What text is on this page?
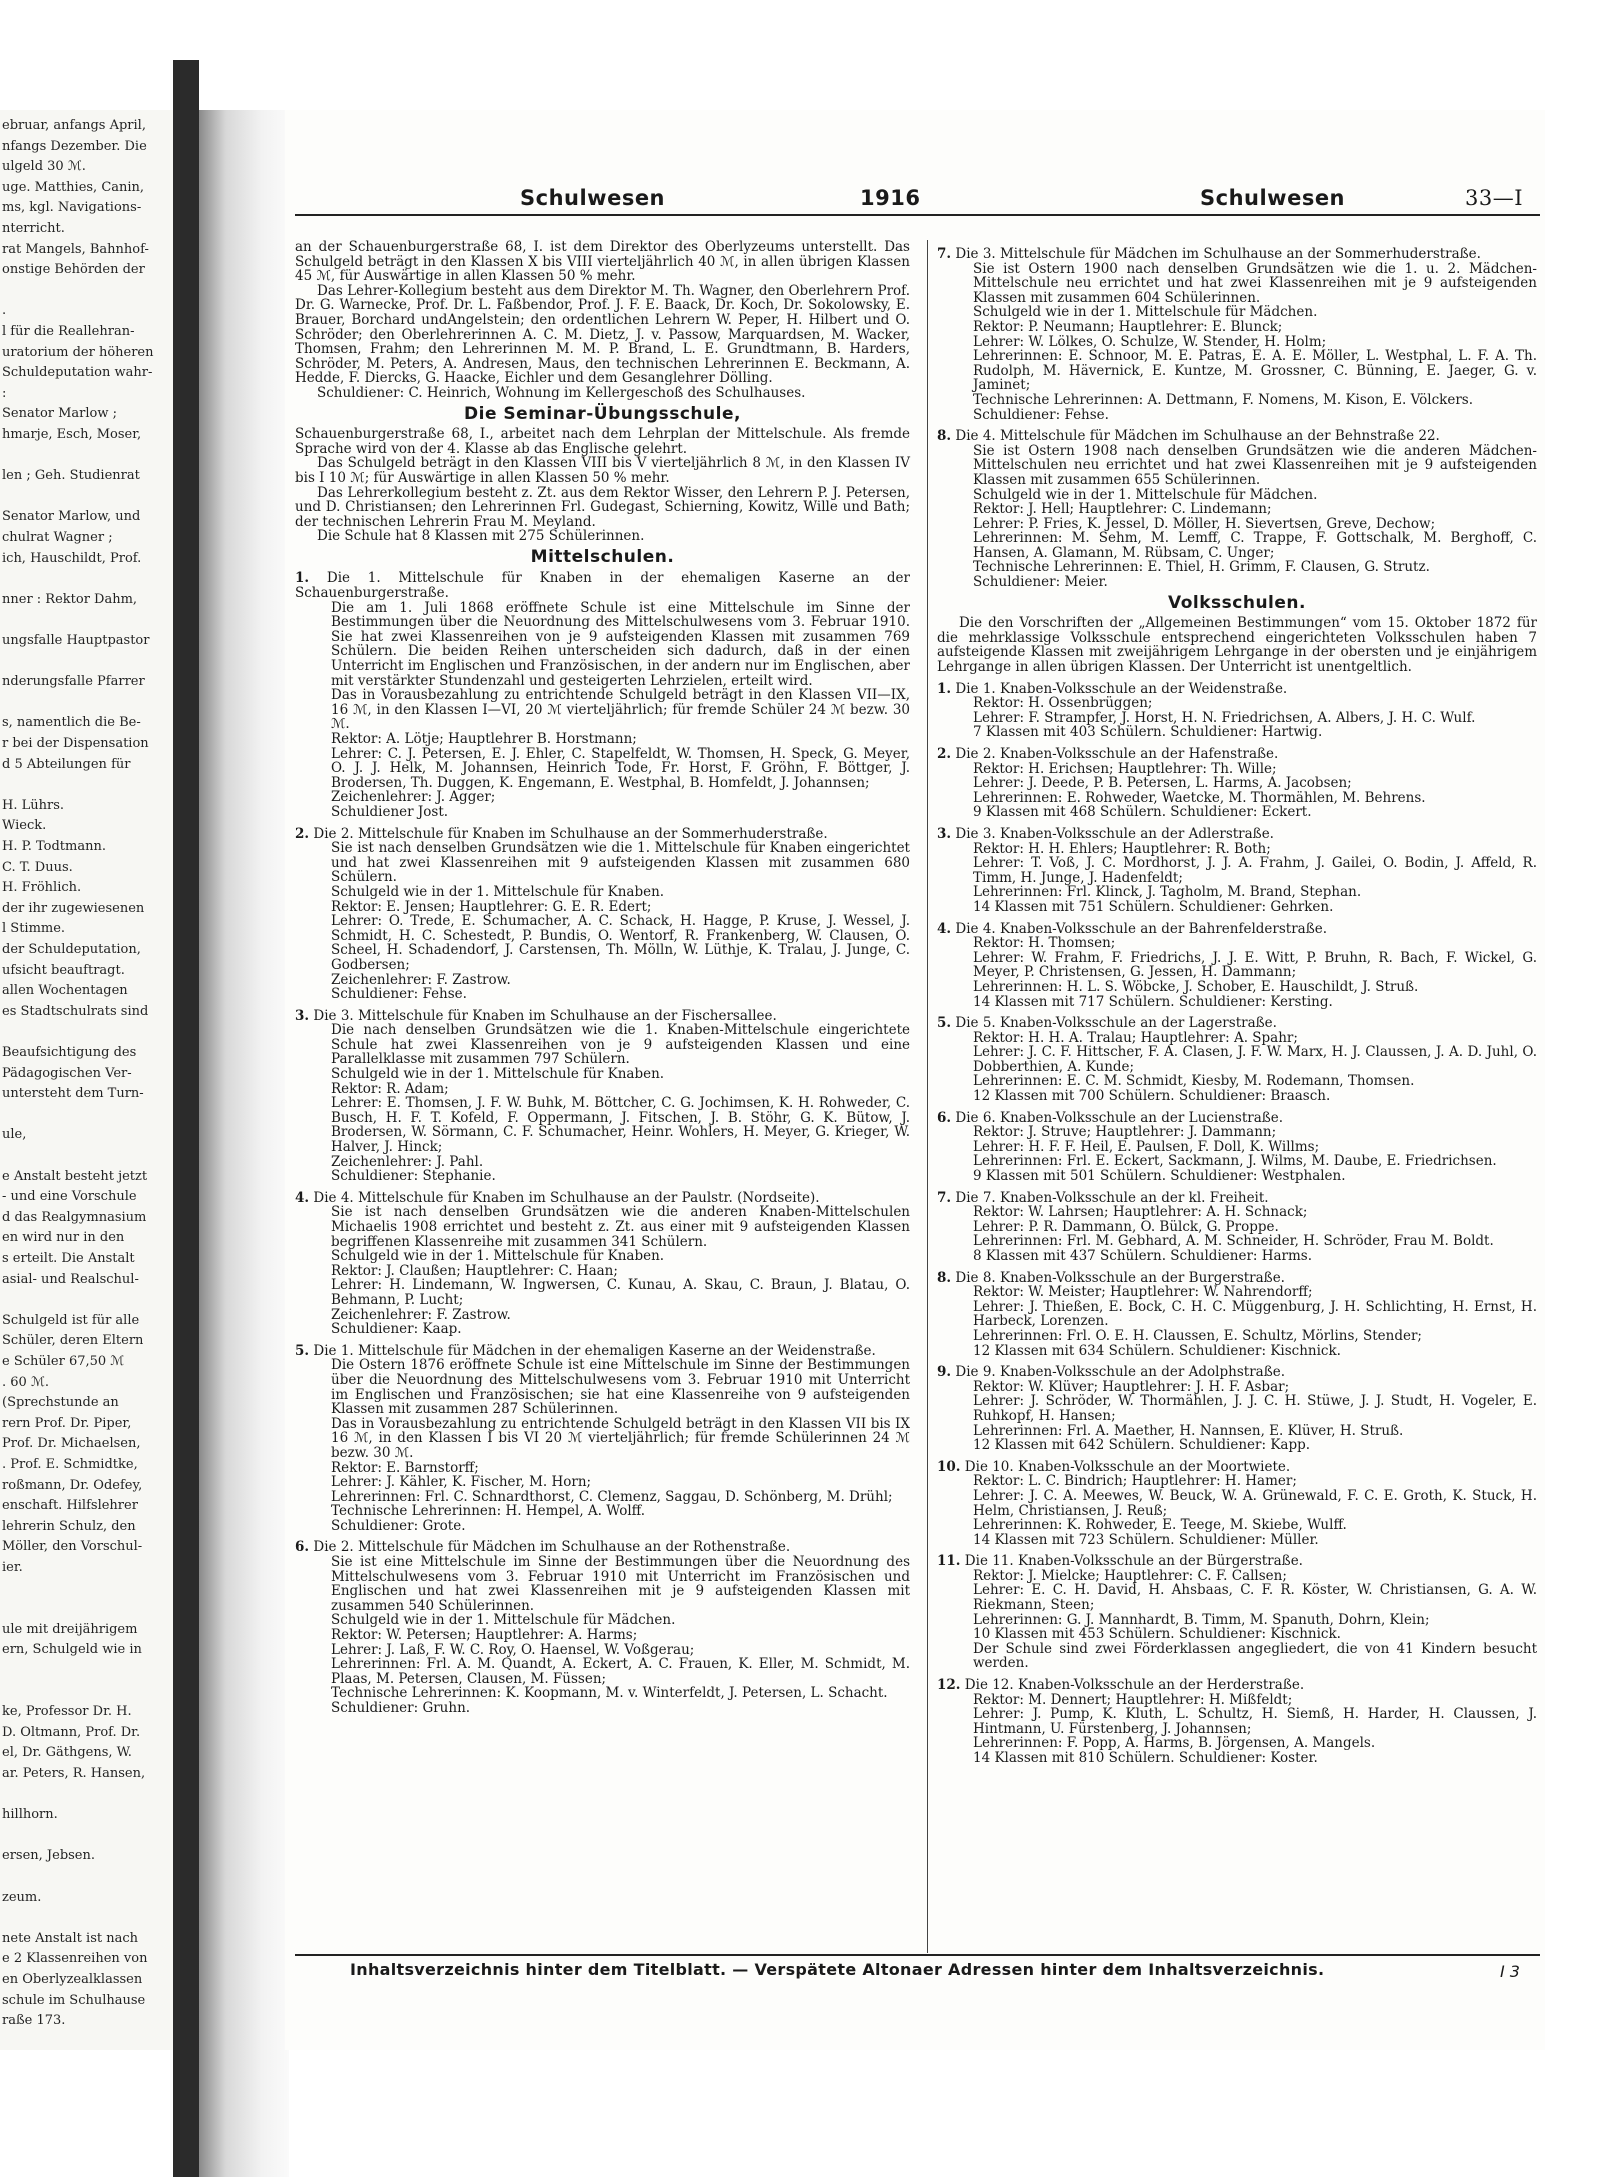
ebruar, anfangs April,
nfangs Dezember. Die
ulgeld 30 ℳ.
uge. Matthies, Canin,
ms, kgl. Navigations-
nterricht.
rat Mangels, Bahnhof-
onstige Behörden der
.
l für die Reallehran-
uratorium der höheren
Schuldeputation wahr-
:
Senator Marlow ;
hmarje, Esch, Moser,
len ; Geh. Studienrat
Senator Marlow, und
chulrat Wagner ;
ich, Hauschildt, Prof.
nner : Rektor Dahm,
ungsfalle Hauptpastor
nderungsfalle Pfarrer
s, namentlich die Be-
r bei der Dispensation
d 5 Abteilungen für
H. Lührs.
Wieck.
H. P. Todtmann.
C. T. Duus.
H. Fröhlich.
der ihr zugewiesenen
l Stimme.
der Schuldeputation,
ufsicht beauftragt.
allen Wochentagen
es Stadtschulrats sind
Beaufsichtigung des
Pädagogischen Ver-
untersteht dem Turn-
ule,
e Anstalt besteht jetzt
- und eine Vorschule
d das Realgymnasium
en wird nur in den
s erteilt. Die Anstalt
asial- und Realschul-
Schulgeld ist für alle
Schüler, deren Eltern
e Schüler 67,50 ℳ
. 60 ℳ.
(Sprechstunde an
rern Prof. Dr. Piper,
Prof. Dr. Michaelsen,
. Prof. E. Schmidtke,
roßmann, Dr. Odefey,
enschaft. Hilfslehrer
lehrerin Schulz, den
Möller, den Vorschul-
ier.
ule mit dreijährigem
ern, Schulgeld wie in
ke, Professor Dr. H.
D. Oltmann, Prof. Dr.
el, Dr. Gäthgens, W.
ar. Peters, R. Hansen,
hillhorn.
ersen, Jebsen.
zeum.
nete Anstalt ist nach
e 2 Klassenreihen von
en Oberlyzealklassen
schule im Schulhause
raße 173.
Schulwesen	1916	Schulwesen	33—I

an der Schauenburgerstraße 68, I. ist dem Direktor des Oberlyzeums unterstellt. Das Schulgeld beträgt in den Klassen X bis VIII vierteljährlich 40 ℳ, in allen übrigen Klassen 45 ℳ, für Auswärtige in allen Klassen 50 % mehr.

Das Lehrer-Kollegium besteht aus dem Direktor M. Th. Wagner, den Oberlehrern Prof. Dr. G. Warnecke, Prof. Dr. L. Faßbendor, Prof. J. F. E. Baack, Dr. Koch, Dr. Sokolowsky, E. Brauer, Borchard undAngelstein; den ordentlichen Lehrern W. Peper, H. Hilbert und O. Schröder; den Oberlehrerinnen A. C. M. Dietz, J. v. Passow, Marquardsen, M. Wacker, Thomsen, Frahm; den Lehrerinnen M. M. P. Brand, L. E. Grundtmann, B. Harders, Schröder, M. Peters, A. Andresen, Maus, den technischen Lehrerinnen E. Beckmann, A. Hedde, F. Diercks, G. Haacke, Eichler und dem Gesanglehrer Dölling.

Schuldiener: C. Heinrich, Wohnung im Kellergeschoß des Schulhauses.

Die Seminar-Übungsschule,

Schauenburgerstraße 68, I., arbeitet nach dem Lehrplan der Mittelschule. Als fremde Sprache wird von der 4. Klasse ab das Englische gelehrt.

Das Schulgeld beträgt in den Klassen VIII bis V vierteljährlich 8 ℳ, in den Klassen IV bis I 10 ℳ; für Auswärtige in allen Klassen 50 % mehr.

Das Lehrerkollegium besteht z. Zt. aus dem Rektor Wisser, den Lehrern P. J. Petersen, und D. Christiansen; den Lehrerinnen Frl. Gudegast, Schierning, Kowitz, Wille und Bath; der technischen Lehrerin Frau M. Meyland.

Die Schule hat 8 Klassen mit 275 Schülerinnen.

Mittelschulen.

1. Die 1. Mittelschule für Knaben in der ehemaligen Kaserne an der Schauenburgerstraße.

Die am 1. Juli 1868 eröffnete Schule ist eine Mittelschule im Sinne der Bestimmungen über die Neuordnung des Mittelschulwesens vom 3. Februar 1910. Sie hat zwei Klassenreihen von je 9 aufsteigenden Klassen mit zusammen 769 Schülern. Die beiden Reihen unterscheiden sich dadurch, daß in der einen Unterricht im Englischen und Französischen, in der andern nur im Englischen, aber mit verstärkter Stundenzahl und gesteigerten Lehrzielen, erteilt wird.

Das in Vorausbezahlung zu entrichtende Schulgeld beträgt in den Klassen VII—IX, 16 ℳ, in den Klassen I—VI, 20 ℳ vierteljährlich; für fremde Schüler 24 ℳ bezw. 30 ℳ.

Rektor: A. Lötje; Hauptlehrer B. Horstmann;

Lehrer: C. J. Petersen, E. J. Ehler, C. Stapelfeldt, W. Thomsen, H. Speck, G. Meyer, O. J. J. Helk, M. Johannsen, Heinrich Tode, Fr. Horst, F. Gröhn, F. Böttger, J. Brodersen, Th. Duggen, K. Engemann, E. Westphal, B. Homfeldt, J. Johannsen;

Zeichenlehrer: J. Agger;

Schuldiener Jost.

2. Die 2. Mittelschule für Knaben im Schulhause an der Sommerhuderstraße.

Sie ist nach denselben Grundsätzen wie die 1. Mittelschule für Knaben eingerichtet und hat zwei Klassenreihen mit 9 aufsteigenden Klassen mit zusammen 680 Schülern.

Schulgeld wie in der 1. Mittelschule für Knaben.

Rektor: E. Jensen; Hauptlehrer: G. E. R. Edert;

Lehrer: O. Trede, E. Schumacher, A. C. Schack, H. Hagge, P. Kruse, J. Wessel, J. Schmidt, H. C. Schestedt, P. Bundis, O. Wentorf, R. Frankenberg, W. Clausen, O. Scheel, H. Schadendorf, J. Carstensen, Th. Mölln, W. Lüthje, K. Tralau, J. Junge, C. Godbersen;

Zeichenlehrer: F. Zastrow.

Schuldiener: Fehse.

3. Die 3. Mittelschule für Knaben im Schulhause an der Fischersallee.

Die nach denselben Grundsätzen wie die 1. Knaben-Mittelschule eingerichtete Schule hat zwei Klassenreihen von je 9 aufsteigenden Klassen und eine Parallelklasse mit zusammen 797 Schülern.

Schulgeld wie in der 1. Mittelschule für Knaben.

Rektor: R. Adam;

Lehrer: E. Thomsen, J. F. W. Buhk, M. Böttcher, C. G. Jochimsen, K. H. Rohweder, C. Busch, H. F. T. Kofeld, F. Oppermann, J. Fitschen, J. B. Stöhr, G. K. Bütow, J. Brodersen, W. Sörmann, C. F. Schumacher, Heinr. Wohlers, H. Meyer, G. Krieger, W. Halver, J. Hinck;

Zeichenlehrer: J. Pahl.

Schuldiener: Stephanie.

4. Die 4. Mittelschule für Knaben im Schulhause an der Paulstr. (Nordseite).

Sie ist nach denselben Grundsätzen wie die anderen Knaben-Mittelschulen Michaelis 1908 errichtet und besteht z. Zt. aus einer mit 9 aufsteigenden Klassen begriffenen Klassenreihe mit zusammen 341 Schülern.

Schulgeld wie in der 1. Mittelschule für Knaben.

Rektor: J. Claußen; Hauptlehrer: C. Haan;

Lehrer: H. Lindemann, W. Ingwersen, C. Kunau, A. Skau, C. Braun, J. Blatau, O. Behmann, P. Lucht;

Zeichenlehrer: F. Zastrow.

Schuldiener: Kaap.

5. Die 1. Mittelschule für Mädchen in der ehemaligen Kaserne an der Weidenstraße.

Die Ostern 1876 eröffnete Schule ist eine Mittelschule im Sinne der Bestimmungen über die Neuordnung des Mittelschulwesens vom 3. Februar 1910 mit Unterricht im Englischen und Französischen; sie hat eine Klassenreihe von 9 aufsteigenden Klassen mit zusammen 287 Schülerinnen.

Das in Vorausbezahlung zu entrichtende Schulgeld beträgt in den Klassen VII bis IX 16 ℳ, in den Klassen I bis VI 20 ℳ vierteljährlich; für fremde Schülerinnen 24 ℳ bezw. 30 ℳ.

Rektor: E. Barnstorff;

Lehrer: J. Kähler, K. Fischer, M. Horn;

Lehrerinnen: Frl. C. Schnardthorst, C. Clemenz, Saggau, D. Schönberg, M. Drühl;

Technische Lehrerinnen: H. Hempel, A. Wolff.

Schuldiener: Grote.

6. Die 2. Mittelschule für Mädchen im Schulhause an der Rothenstraße.

Sie ist eine Mittelschule im Sinne der Bestimmungen über die Neuordnung des Mittelschulwesens vom 3. Februar 1910 mit Unterricht im Französischen und Englischen und hat zwei Klassenreihen mit je 9 aufsteigenden Klassen mit zusammen 540 Schülerinnen.

Schulgeld wie in der 1. Mittelschule für Mädchen.

Rektor: W. Petersen; Hauptlehrer: A. Harms;

Lehrer: J. Laß, F. W. C. Roy, O. Haensel, W. Voßgerau;

Lehrerinnen: Frl. A. M. Quandt, A. Eckert, A. C. Frauen, K. Eller, M. Schmidt, M. Plaas, M. Petersen, Clausen, M. Füssen;

Technische Lehrerinnen: K. Koopmann, M. v. Winterfeldt, J. Petersen, L. Schacht.

Schuldiener: Gruhn.

7. Die 3. Mittelschule für Mädchen im Schulhause an der Sommerhuderstraße.

Sie ist Ostern 1900 nach denselben Grundsätzen wie die 1. u. 2. Mädchen-Mittelschule neu errichtet und hat zwei Klassenreihen mit je 9 aufsteigenden Klassen mit zusammen 604 Schülerinnen.

Schulgeld wie in der 1. Mittelschule für Mädchen.

Rektor: P. Neumann; Hauptlehrer: E. Blunck;

Lehrer: W. Lölkes, O. Schulze, W. Stender, H. Holm;

Lehrerinnen: E. Schnoor, M. E. Patras, E. A. E. Möller, L. Westphal, L. F. A. Th. Rudolph, M. Hävernick, E. Kuntze, M. Grossner, C. Bünning, E. Jaeger, G. v. Jaminet;

Technische Lehrerinnen: A. Dettmann, F. Nomens, M. Kison, E. Völckers.

Schuldiener: Fehse.

8. Die 4. Mittelschule für Mädchen im Schulhause an der Behnstraße 22.

Sie ist Ostern 1908 nach denselben Grundsätzen wie die anderen Mädchen-Mittelschulen neu errichtet und hat zwei Klassenreihen mit je 9 aufsteigenden Klassen mit zusammen 655 Schülerinnen.

Schulgeld wie in der 1. Mittelschule für Mädchen.

Rektor: J. Hell; Hauptlehrer: C. Lindemann;

Lehrer: P. Fries, K. Jessel, D. Möller, H. Sievertsen, Greve, Dechow;

Lehrerinnen: M. Sehm, M. Lemff, C. Trappe, F. Gottschalk, M. Berghoff, C. Hansen, A. Glamann, M. Rübsam, C. Unger;

Technische Lehrerinnen: E. Thiel, H. Grimm, F. Clausen, G. Strutz.

Schuldiener: Meier.

Volksschulen.

Die den Vorschriften der „Allgemeinen Bestimmungen“ vom 15. Oktober 1872 für die mehrklassige Volksschule entsprechend eingerichteten Volksschulen haben 7 aufsteigende Klassen mit zweijährigem Lehrgange in der obersten und je einjährigem Lehrgange in allen übrigen Klassen. Der Unterricht ist unentgeltlich.

1. Die 1. Knaben-Volksschule an der Weidenstraße.

Rektor: H. Ossenbrüggen;

Lehrer: F. Strampfer, J. Horst, H. N. Friedrichsen, A. Albers, J. H. C. Wulf.

7 Klassen mit 403 Schülern. Schuldiener: Hartwig.

2. Die 2. Knaben-Volksschule an der Hafenstraße.

Rektor: H. Erichsen; Hauptlehrer: Th. Wille;

Lehrer: J. Deede, P. B. Petersen, L. Harms, A. Jacobsen;

Lehrerinnen: E. Rohweder, Waetcke, M. Thormählen, M. Behrens.

9 Klassen mit 468 Schülern. Schuldiener: Eckert.

3. Die 3. Knaben-Volksschule an der Adlerstraße.

Rektor: H. H. Ehlers; Hauptlehrer: R. Both;

Lehrer: T. Voß, J. C. Mordhorst, J. J. A. Frahm, J. Gailei, O. Bodin, J. Affeld, R. Timm, H. Junge, J. Hadenfeldt;

Lehrerinnen: Frl. Klinck, J. Tagholm, M. Brand, Stephan.

14 Klassen mit 751 Schülern. Schuldiener: Gehrken.

4. Die 4. Knaben-Volksschule an der Bahrenfelderstraße.

Rektor: H. Thomsen;

Lehrer: W. Frahm, F. Friedrichs, J. J. E. Witt, P. Bruhn, R. Bach, F. Wickel, G. Meyer, P. Christensen, G. Jessen, H. Dammann;

Lehrerinnen: H. L. S. Wöbcke, J. Schober, E. Hauschildt, J. Struß.

14 Klassen mit 717 Schülern. Schuldiener: Kersting.

5. Die 5. Knaben-Volksschule an der Lagerstraße.

Rektor: H. H. A. Tralau; Hauptlehrer: A. Spahr;

Lehrer: J. C. F. Hittscher, F. A. Clasen, J. F. W. Marx, H. J. Claussen, J. A. D. Juhl, O. Dobberthien, A. Kunde;

Lehrerinnen: E. C. M. Schmidt, Kiesby, M. Rodemann, Thomsen.

12 Klassen mit 700 Schülern. Schuldiener: Braasch.

6. Die 6. Knaben-Volksschule an der Lucienstraße.

Rektor: J. Struve; Hauptlehrer: J. Dammann;

Lehrer: H. F. F. Heil, E. Paulsen, F. Doll, K. Willms;

Lehrerinnen: Frl. E. Eckert, Sackmann, J. Wilms, M. Daube, E. Friedrichsen.

9 Klassen mit 501 Schülern. Schuldiener: Westphalen.

7. Die 7. Knaben-Volksschule an der kl. Freiheit.

Rektor: W. Lahrsen; Hauptlehrer: A. H. Schnack;

Lehrer: P. R. Dammann, O. Bülck, G. Proppe.

Lehrerinnen: Frl. M. Gebhard, A. M. Schneider, H. Schröder, Frau M. Boldt.

8 Klassen mit 437 Schülern. Schuldiener: Harms.

8. Die 8. Knaben-Volksschule an der Burgerstraße.

Rektor: W. Meister; Hauptlehrer: W. Nahrendorff;

Lehrer: J. Thießen, E. Bock, C. H. C. Müggenburg, J. H. Schlichting, H. Ernst, H. Harbeck, Lorenzen.

Lehrerinnen: Frl. O. E. H. Claussen, E. Schultz, Mörlins, Stender;

12 Klassen mit 634 Schülern. Schuldiener: Kischnick.

9. Die 9. Knaben-Volksschule an der Adolphstraße.

Rektor: W. Klüver; Hauptlehrer: J. H. F. Asbar;

Lehrer: J. Schröder, W. Thormählen, J. J. C. H. Stüwe, J. J. Studt, H. Vogeler, E. Ruhkopf, H. Hansen;

Lehrerinnen: Frl. A. Maether, H. Nannsen, E. Klüver, H. Struß.

12 Klassen mit 642 Schülern. Schuldiener: Kapp.

10. Die 10. Knaben-Volksschule an der Moortwiete.

Rektor: L. C. Bindrich; Hauptlehrer: H. Hamer;

Lehrer: J. C. A. Meewes, W. Beuck, W. A. Grünewald, F. C. E. Groth, K. Stuck, H. Helm, Christiansen, J. Reuß;

Lehrerinnen: K. Rohweder, E. Teege, M. Skiebe, Wulff.

14 Klassen mit 723 Schülern. Schuldiener: Müller.

11. Die 11. Knaben-Volksschule an der Bürgerstraße.

Rektor: J. Mielcke; Hauptlehrer: C. F. Callsen;

Lehrer: E. C. H. David, H. Ahsbaas, C. F. R. Köster, W. Christiansen, G. A. W. Riekmann, Steen;

Lehrerinnen: G. J. Mannhardt, B. Timm, M. Spanuth, Dohrn, Klein;

10 Klassen mit 453 Schülern. Schuldiener: Kischnick.

Der Schule sind zwei Förderklassen angegliedert, die von 41 Kindern besucht werden.

12. Die 12. Knaben-Volksschule an der Herderstraße.

Rektor: M. Dennert; Hauptlehrer: H. Mißfeldt;

Lehrer: J. Pump, K. Kluth, L. Schultz, H. Siemß, H. Harder, H. Claussen, J. Hintmann, U. Fürstenberg, J. Johannsen;

Lehrerinnen: F. Popp, A. Harms, B. Jörgensen, A. Mangels.

14 Klassen mit 810 Schülern. Schuldiener: Koster.

Inhaltsverzeichnis hinter dem Titelblatt. — Verspätete Altonaer Adressen hinter dem Inhaltsverzeichnis.	I 3
